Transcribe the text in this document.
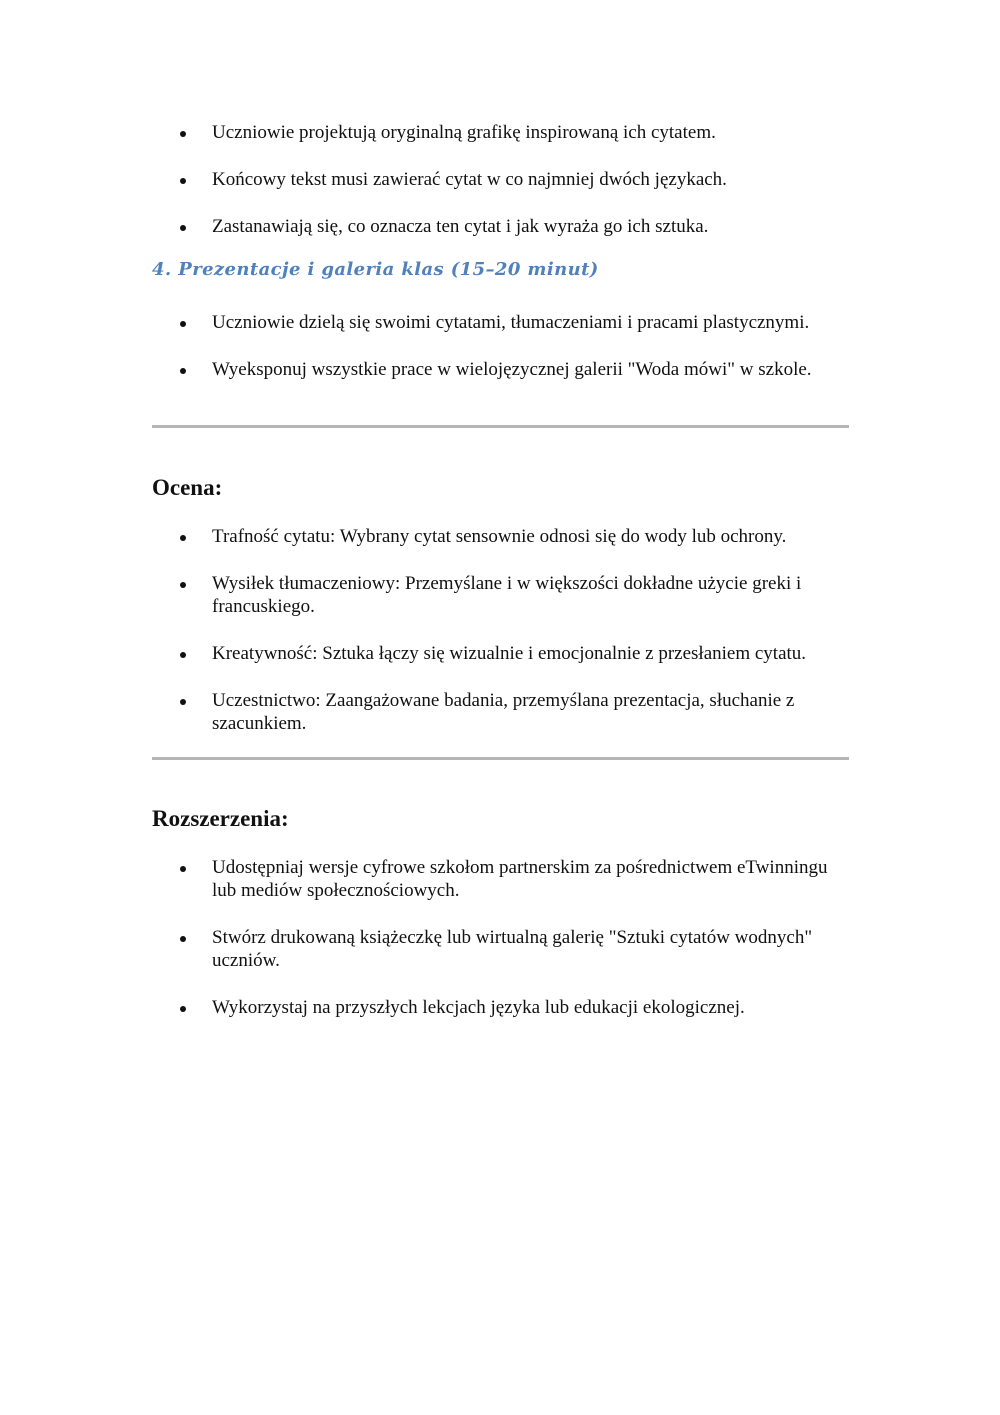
Uczniowie projektują oryginalną grafikę inspirowaną ich cytatem.
Końcowy tekst musi zawierać cytat w co najmniej dwóch językach.
Zastanawiają się, co oznacza ten cytat i jak wyraża go ich sztuka.
4. Prezentacje i galeria klas (15–20 minut)
Uczniowie dzielą się swoimi cytatami, tłumaczeniami i pracami plastycznymi.
Wyeksponuj wszystkie prace w wielojęzycznej galerii "Woda mówi" w szkole.
Ocena:
Trafność cytatu: Wybrany cytat sensownie odnosi się do wody lub ochrony.
Wysiłek tłumaczeniowy: Przemyślane i w większości dokładne użycie greki i francuskiego.
Kreatywność: Sztuka łączy się wizualnie i emocjonalnie z przesłaniem cytatu.
Uczestnictwo: Zaangażowane badania, przemyślana prezentacja, słuchanie z szacunkiem.
Rozszerzenia:
Udostępniaj wersje cyfrowe szkołom partnerskim za pośrednictwem eTwinningu lub mediów społecznościowych.
Stwórz drukowaną książeczkę lub wirtualną galerię "Sztuki cytatów wodnych" uczniów.
Wykorzystaj na przyszłych lekcjach języka lub edukacji ekologicznej.
